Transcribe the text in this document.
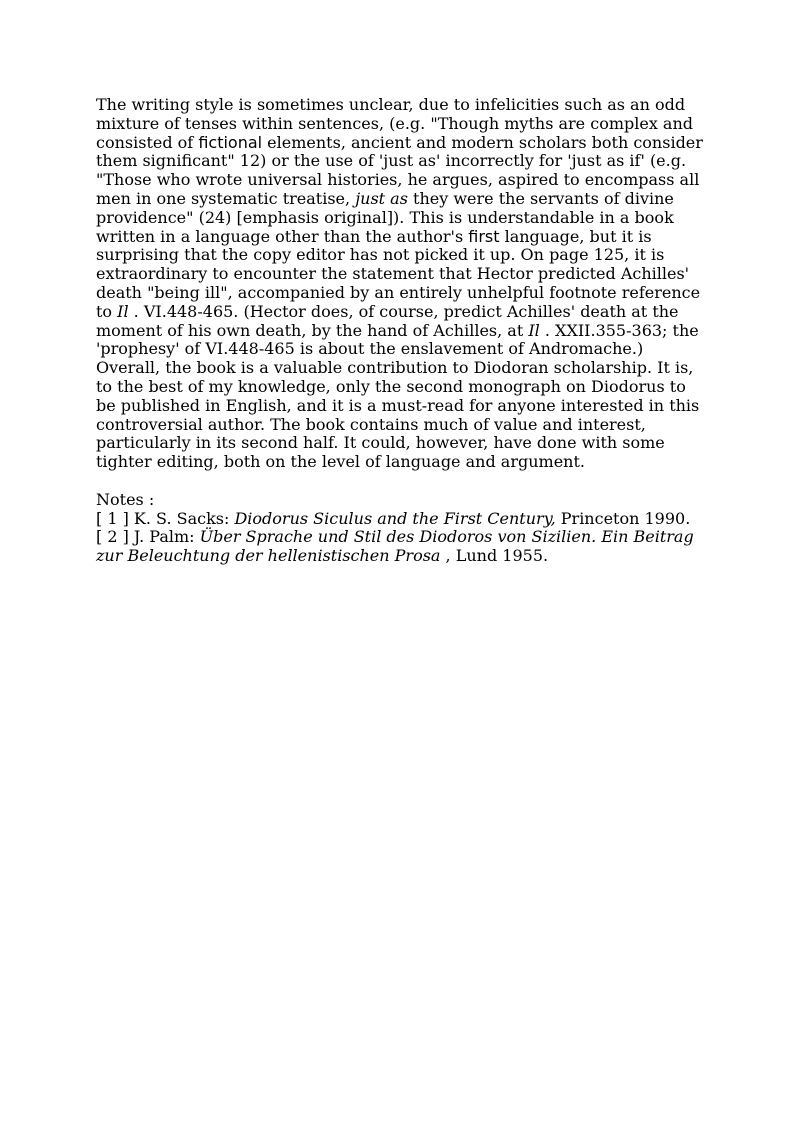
The writing style is sometimes unclear, due to infelicities such as an odd mixture of tenses within sentences, (e.g. "Though myths are complex and consisted of fictional elements, ancient and modern scholars both consider them significant" 12) or the use of 'just as' incorrectly for 'just as if' (e.g. "Those who wrote universal histories, he argues, aspired to encompass all men in one systematic treatise, just as they were the servants of divine providence" (24) [emphasis original]). This is understandable in a book written in a language other than the author's first language, but it is surprising that the copy editor has not picked it up. On page 125, it is extraordinary to encounter the statement that Hector predicted Achilles' death "being ill", accompanied by an entirely unhelpful footnote reference to Il . VI.448-465. (Hector does, of course, predict Achilles' death at the moment of his own death, by the hand of Achilles, at Il . XXII.355-363; the 'prophesy' of VI.448-465 is about the enslavement of Andromache.)

Overall, the book is a valuable contribution to Diodoran scholarship. It is, to the best of my knowledge, only the second monograph on Diodorus to be published in English, and it is a must-read for anyone interested in this controversial author. The book contains much of value and interest, particularly in its second half. It could, however, have done with some tighter editing, both on the level of language and argument.

Notes :
[ 1 ] K. S. Sacks: Diodorus Siculus and the First Century, Princeton 1990.
[ 2 ] J. Palm: Über Sprache und Stil des Diodoros von Sizilien. Ein Beitrag zur Beleuchtung der hellenistischen Prosa , Lund 1955.
